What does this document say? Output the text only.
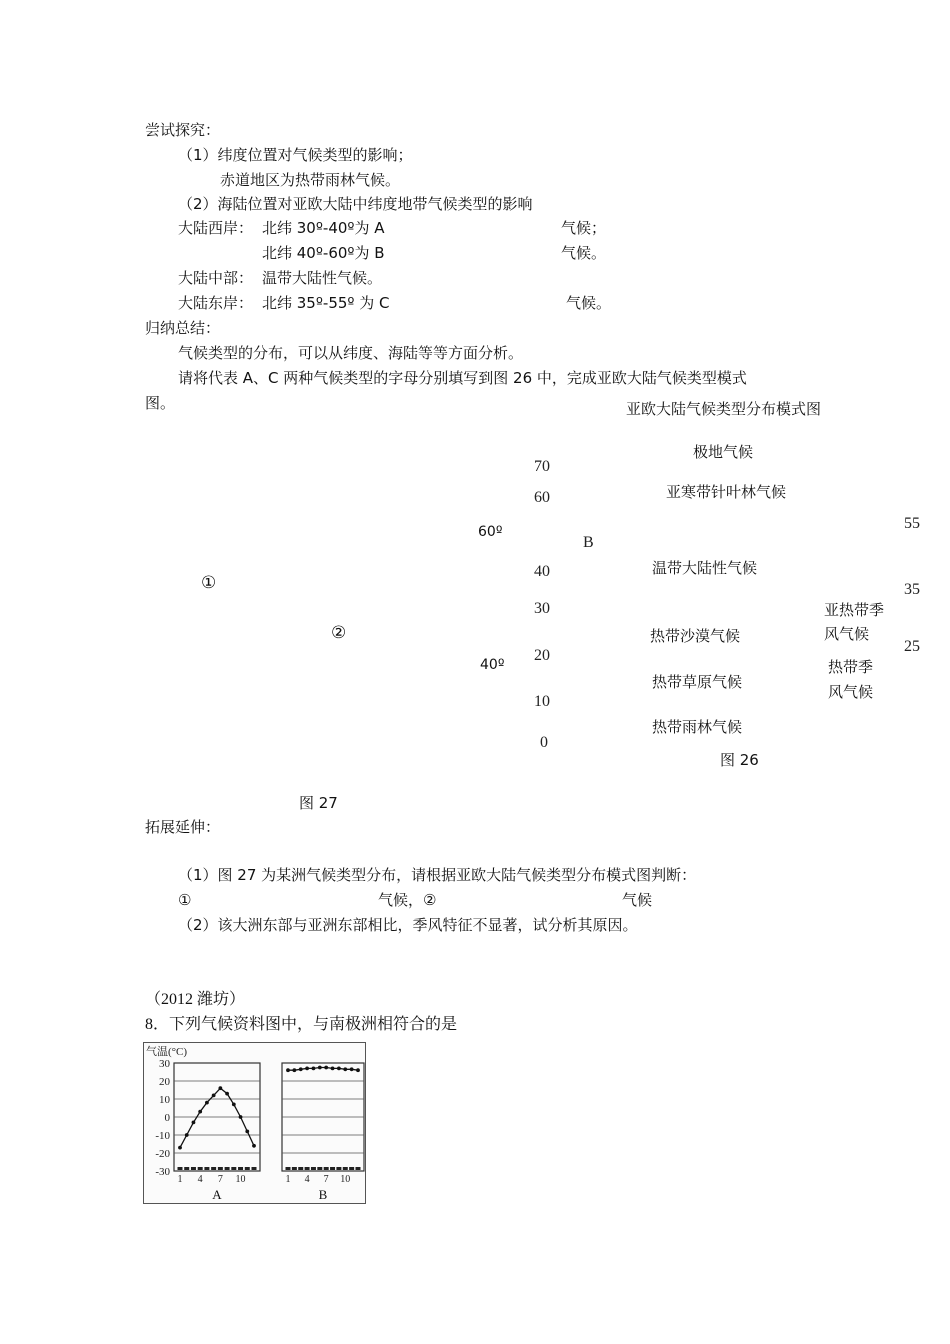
尝试探究：
（1）纬度位置对气候类型的影响；
赤道地区为热带雨林气候。
（2）海陆位置对亚欧大陆中纬度地带气候类型的影响
大陆西岸： 北纬 30º-40º为 A	气候；
北纬 40º-60º为 B	气候。
大陆中部： 温带大陆性气候。
大陆东岸： 北纬 35º-55º 为 C	气候。
归纳总结：
气候类型的分布，可以从纬度、海陆等等方面分析。
请将代表 A、C 两种气候类型的字母分别填写到图 26 中，完成亚欧大陆气候类型模式
图。	亚欧大陆气候类型分布模式图
70
60
40
30
20
10
0
55
35
25
B
极地气候
亚寒带针叶林气候
温带大陆性气候
热带沙漠气候
热带草原气候
热带雨林气候
亚热带季
风气候
热带季
风气候
图 26
60º
40º
①
②
图 27
拓展延伸：
（1）图 27 为某洲气候类型分布，请根据亚欧大陆气候类型分布模式图判断：
①	气候，②	气候
（2）该大洲东部与亚洲东部相比，季风特征不显著，试分析其原因。
（2012 潍坊）
8．下列气候资料图中，与南极洲相符合的是
气温(°C)
30
20
10
0
-10
-20
-30
1 4 7 10
A
1 4 7 10
B
